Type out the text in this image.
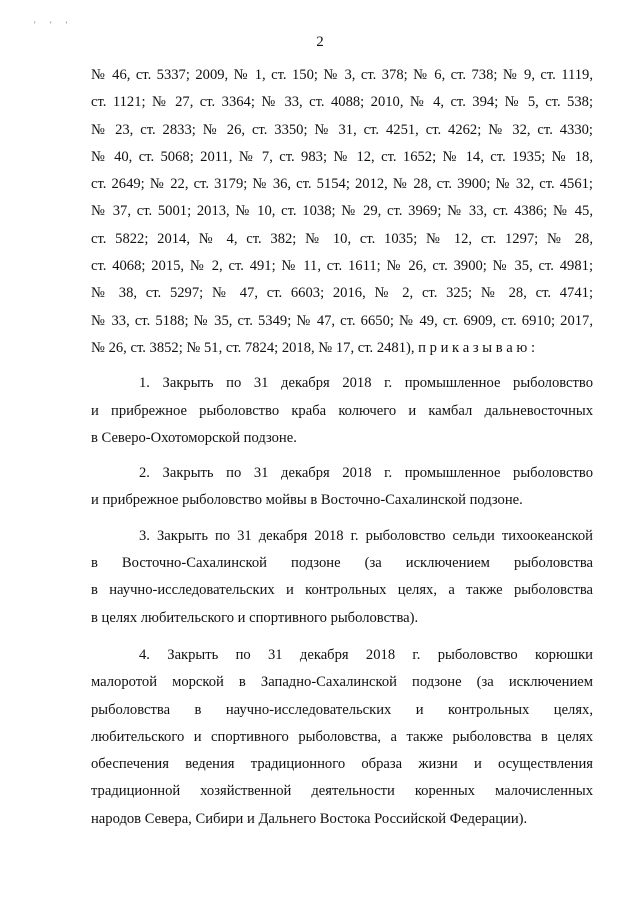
' ' '
2
№ 46, ст. 5337; 2009, № 1, ст. 150; № 3, ст. 378; № 6, ст. 738; № 9, ст. 1119,
ст. 1121; № 27, ст. 3364; № 33, ст. 4088; 2010, № 4, ст. 394; № 5, ст. 538;
№ 23, ст. 2833; № 26, ст. 3350; № 31, ст. 4251, ст. 4262; № 32, ст. 4330;
№ 40, ст. 5068; 2011, № 7, ст. 983; № 12, ст. 1652; № 14, ст. 1935; № 18,
ст. 2649; № 22, ст. 3179; № 36, ст. 5154; 2012, № 28, ст. 3900; № 32, ст. 4561;
№ 37, ст. 5001; 2013, № 10, ст. 1038; № 29, ст. 3969; № 33, ст. 4386; № 45,
ст. 5822; 2014, № 4, ст. 382; № 10, ст. 1035; № 12, ст. 1297; № 28,
ст. 4068; 2015, № 2, ст. 491; № 11, ст. 1611; № 26, ст. 3900; № 35, ст. 4981;
№ 38, ст. 5297; № 47, ст. 6603; 2016, № 2, ст. 325; № 28, ст. 4741;
№ 33, ст. 5188; № 35, ст. 5349; № 47, ст. 6650; № 49, ст. 6909, ст. 6910; 2017,
№ 26, ст. 3852; № 51, ст. 7824; 2018, № 17, ст. 2481), п р и к а з ы в а ю :
1. Закрыть по 31 декабря 2018 г. промышленное рыболовство
и прибрежное рыболовство краба колючего и камбал дальневосточных
в Северо-Охотоморской подзоне.
2. Закрыть по 31 декабря 2018 г. промышленное рыболовство
и прибрежное рыболовство мойвы в Восточно-Сахалинской подзоне.
3. Закрыть по 31 декабря 2018 г. рыболовство сельди тихоокеанской
в Восточно-Сахалинской подзоне (за исключением рыболовства
в научно-исследовательских и контрольных целях, а также рыболовства
в целях любительского и спортивного рыболовства).
4. Закрыть по 31 декабря 2018 г. рыболовство корюшки
малоротой морской в Западно-Сахалинской подзоне (за исключением
рыболовства в научно-исследовательских и контрольных целях,
любительского и спортивного рыболовства, а также рыболовства в целях
обеспечения ведения традиционного образа жизни и осуществления
традиционной хозяйственной деятельности коренных малочисленных
народов Севера, Сибири и Дальнего Востока Российской Федерации).
